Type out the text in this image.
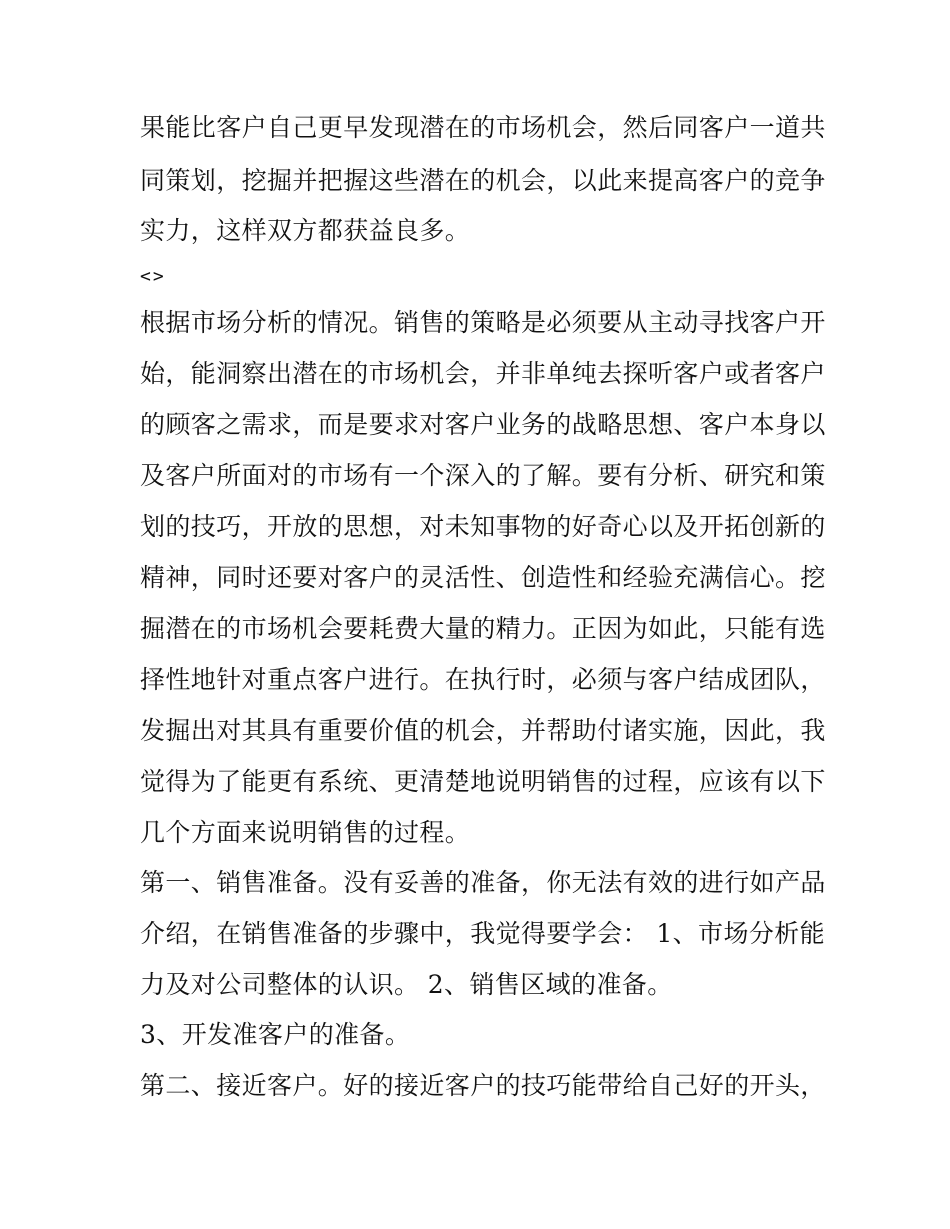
果能比客户自己更早发现潜在的市场机会，然后同客户一道共
同策划，挖掘并把握这些潜在的机会，以此来提高客户的竞争
实力，这样双方都获益良多。
<>
根据市场分析的情况。销售的策略是必须要从主动寻找客户开
始，能洞察出潜在的市场机会，并非单纯去探听客户或者客户
的顾客之需求，而是要求对客户业务的战略思想、客户本身以
及客户所面对的市场有一个深入的了解。要有分析、研究和策
划的技巧，开放的思想，对未知事物的好奇心以及开拓创新的
精神，同时还要对客户的灵活性、创造性和经验充满信心。挖
掘潜在的市场机会要耗费大量的精力。正因为如此，只能有选
择性地针对重点客户进行。在执行时，必须与客户结成团队，
发掘出对其具有重要价值的机会，并帮助付诸实施，因此，我
觉得为了能更有系统、更清楚地说明销售的过程，应该有以下
几个方面来说明销售的过程。
第一、销售准备。没有妥善的准备，你无法有效的进行如产品
介绍，在销售准备的步骤中，我觉得要学会： 1、市场分析能
力及对公司整体的认识。 2、销售区域的准备。
3、开发准客户的准备。
第二、接近客户。好的接近客户的技巧能带给自己好的开头，
